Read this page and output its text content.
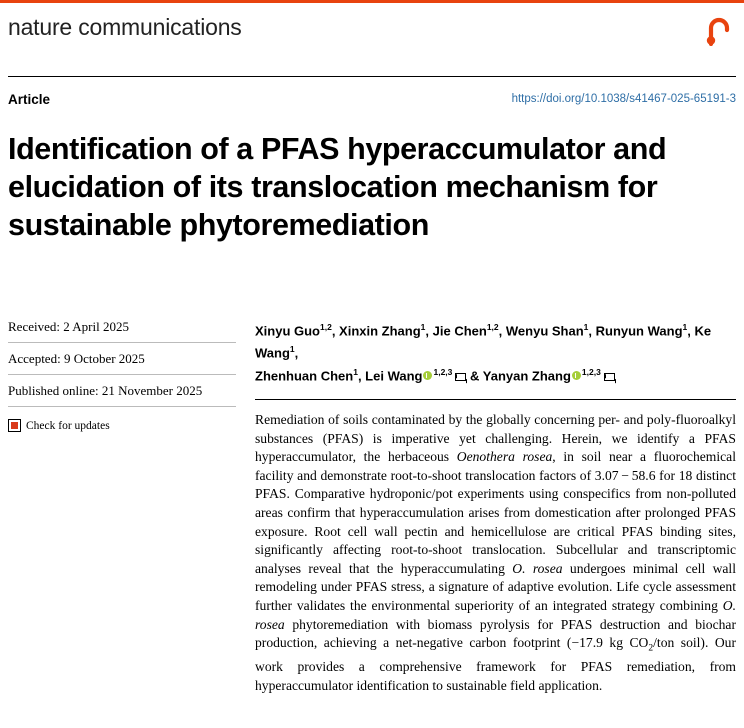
nature communications
Article	https://doi.org/10.1038/s41467-025-65191-3
Identification of a PFAS hyperaccumulator and elucidation of its translocation mechanism for sustainable phytoremediation
Received: 2 April 2025
Accepted: 9 October 2025
Published online: 21 November 2025
Check for updates
Xinyu Guo$^{1,2}$, Xinxin Zhang$^1$, Jie Chen$^{1,2}$, Wenyu Shan$^1$, Runyun Wang$^1$, Ke Wang$^1$,
Zhenhuan Chen$^1$, Lei Wang $^{1,2,3}$ & Yanyan Zhang $^{1,2,3}$
Remediation of soils contaminated by the globally concerning per- and poly-fluoroalkyl substances (PFAS) is imperative yet challenging. Herein, we identify a PFAS hyperaccumulator, the herbaceous Oenothera rosea, in soil near a fluorochemical facility and demonstrate root-to-shoot translocation factors of 3.07 − 58.6 for 18 distinct PFAS. Comparative hydroponic/pot experiments using conspecifics from non-polluted areas confirm that hyperaccumulation arises from domestication after prolonged PFAS exposure. Root cell wall pectin and hemicellulose are critical PFAS binding sites, significantly affecting root-to-shoot translocation. Subcellular and transcriptomic analyses reveal that the hyperaccumulating O. rosea undergoes minimal cell wall remodeling under PFAS stress, a signature of adaptive evolution. Life cycle assessment further validates the environmental superiority of an integrated strategy combining O. rosea phytoremediation with biomass pyrolysis for PFAS destruction and biochar production, achieving a net-negative carbon footprint (−17.9 kg $CO_2$/ton soil). Our work provides a comprehensive framework for PFAS remediation, from hyperaccumulator identification to sustainable field application.
